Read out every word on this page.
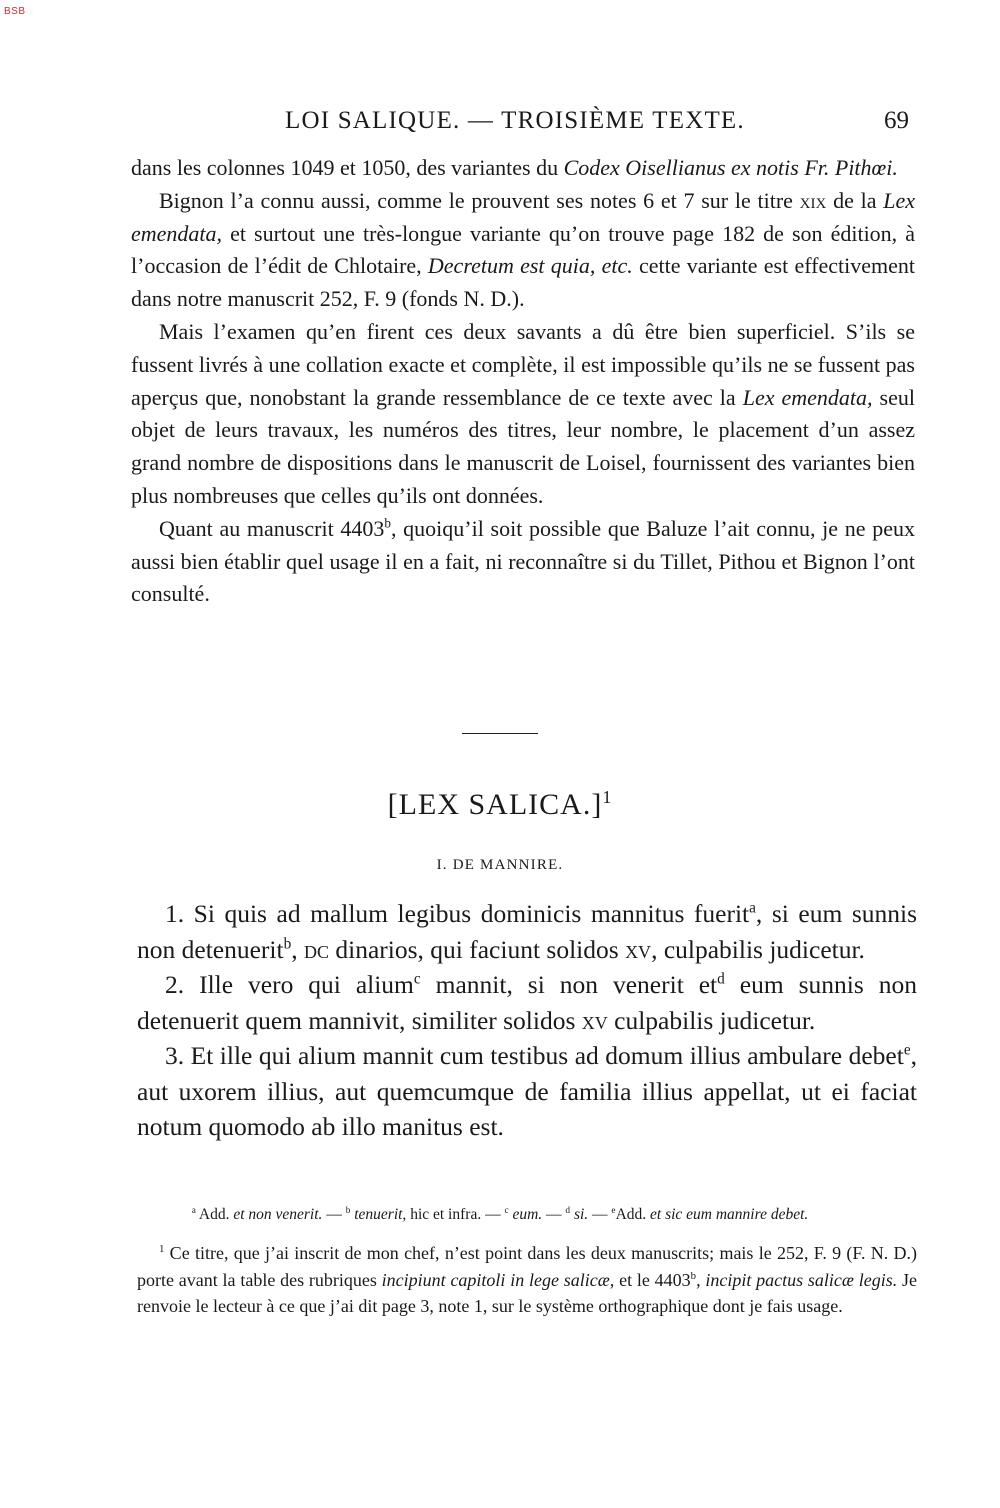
BSB
LOI SALIQUE. — TROISIÈME TEXTE.	69

dans les colonnes 1049 et 1050, des variantes du Codex Oisellianus ex notis Fr. Pithœi.

Bignon l’a connu aussi, comme le prouvent ses notes 6 et 7 sur le titre xix de la Lex emendata, et surtout une très-longue variante qu’on trouve page 182 de son édition, à l’occasion de l’édit de Chlotaire, Decretum est quia, etc. cette variante est effectivement dans notre manuscrit 252, F. 9 (fonds N. D.).

Mais l’examen qu’en firent ces deux savants a dû être bien superficiel. S’ils se fussent livrés à une collation exacte et complète, il est impossible qu’ils ne se fussent pas aperçus que, nonobstant la grande ressemblance de ce texte avec la Lex emendata, seul objet de leurs travaux, les numéros des titres, leur nombre, le placement d’un assez grand nombre de dispositions dans le manuscrit de Loisel, fournissent des variantes bien plus nombreuses que celles qu’ils ont données.

Quant au manuscrit 4403$^b$, quoiqu’il soit possible que Baluze l’ait connu, je ne peux aussi bien établir quel usage il en a fait, ni reconnaître si du Tillet, Pithou et Bignon l’ont consulté.

[LEX SALICA.]$^1$
I. DE MANNIRE.

1. Si quis ad mallum legibus dominicis mannitus fuerit$^a$, si eum sunnis non detenuerit$^b$, dc dinarios, qui faciunt solidos xv, culpabilis judicetur.

2. Ille vero qui alium$^c$ mannit, si non venerit $et^d$ eum sunnis non detenuerit quem mannivit, similiter solidos xv culpabilis judicetur.

3. Et ille qui alium mannit cum testibus ad domum illius ambulare debet$^e$, aut uxorem illius, aut quemcumque de familia illius appellat, ut ei faciat notum quomodo ab illo manitus est.

$^a$ Add. et non venerit. — $^b$ tenuerit, hic et infra. — $^c$ eum. — $^d$ si. — $^e$Add. et sic eum mannire debet.
$^1$ Ce titre, que j’ai inscrit de mon chef, n’est point dans les deux manuscrits; mais le 252, F. 9 (F. N. D.) porte avant la table des rubriques incipiunt capitoli in lege salicæ, et le 4403$^b$, incipit pactus salicæ legis. Je renvoie le lecteur à ce que j’ai dit page 3, note 1, sur le système orthographique dont je fais usage.
